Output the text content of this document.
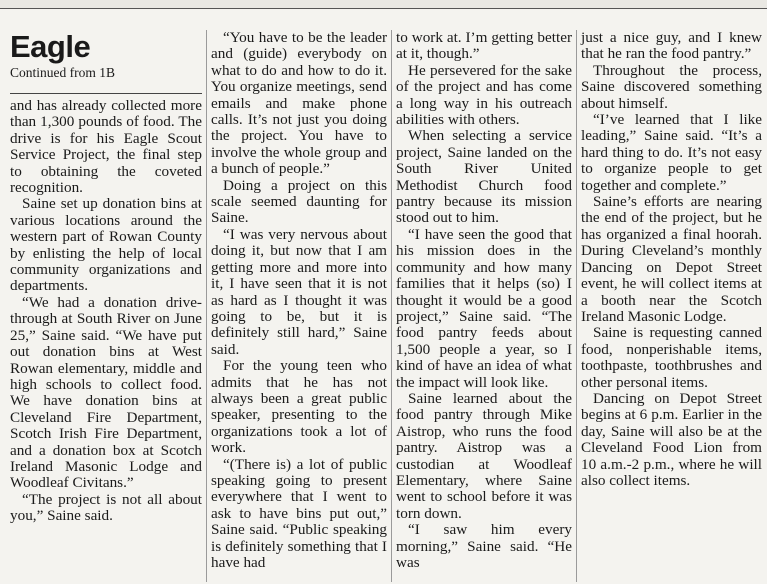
Eagle
Continued from 1B

and has already collected more than 1,300 pounds of food. The drive is for his Eagle Scout Service Project, the final step to obtaining the coveted recognition.

Saine set up donation bins at various locations around the western part of Rowan County by enlisting the help of local community organizations and departments.

“We had a donation drive-through at South River on June 25,” Saine said. “We have put out donation bins at West Rowan elementary, middle and high schools to collect food. We have donation bins at Cleveland Fire Department, Scotch Irish Fire Department, and a donation box at Scotch Ireland Masonic Lodge and Woodleaf Civitans.”

“The project is not all about you,” Saine said.

“You have to be the leader and (guide) everybody on what to do and how to do it. You organize meetings, send emails and make phone calls. It’s not just you doing the project. You have to involve the whole group and a bunch of people.”

Doing a project on this scale seemed daunting for Saine.

“I was very nervous about doing it, but now that I am getting more and more into it, I have seen that it is not as hard as I thought it was going to be, but it is definitely still hard,” Saine said.

For the young teen who admits that he has not always been a great public speaker, presenting to the organizations took a lot of work.

“(There is) a lot of public speaking going to present everywhere that I went to ask to have bins put out,” Saine said. “Public speaking is definitely something that I have had

to work at. I’m getting better at it, though.”

He persevered for the sake of the project and has come a long way in his outreach abilities with others.

When selecting a service project, Saine landed on the South River United Methodist Church food pantry because its mission stood out to him.

“I have seen the good that his mission does in the community and how many families that it helps (so) I thought it would be a good project,” Saine said. “The food pantry feeds about 1,500 people a year, so I kind of have an idea of what the impact will look like.

Saine learned about the food pantry through Mike Aistrop, who runs the food pantry. Aistrop was a custodian at Woodleaf Elementary, where Saine went to school before it was torn down.

“I saw him every morning,” Saine said. “He was

just a nice guy, and I knew that he ran the food pantry.”

Throughout the process, Saine discovered something about himself.

“I’ve learned that I like leading,” Saine said. “It’s a hard thing to do. It’s not easy to organize people to get together and complete.”

Saine’s efforts are nearing the end of the project, but he has organized a final hoorah. During Cleveland’s monthly Dancing on Depot Street event, he will collect items at a booth near the Scotch Ireland Masonic Lodge.

Saine is requesting canned food, nonperishable items, toothpaste, toothbrushes and other personal items.

Dancing on Depot Street begins at 6 p.m. Earlier in the day, Saine will also be at the Cleveland Food Lion from 10 a.m.-2 p.m., where he will also collect items.
